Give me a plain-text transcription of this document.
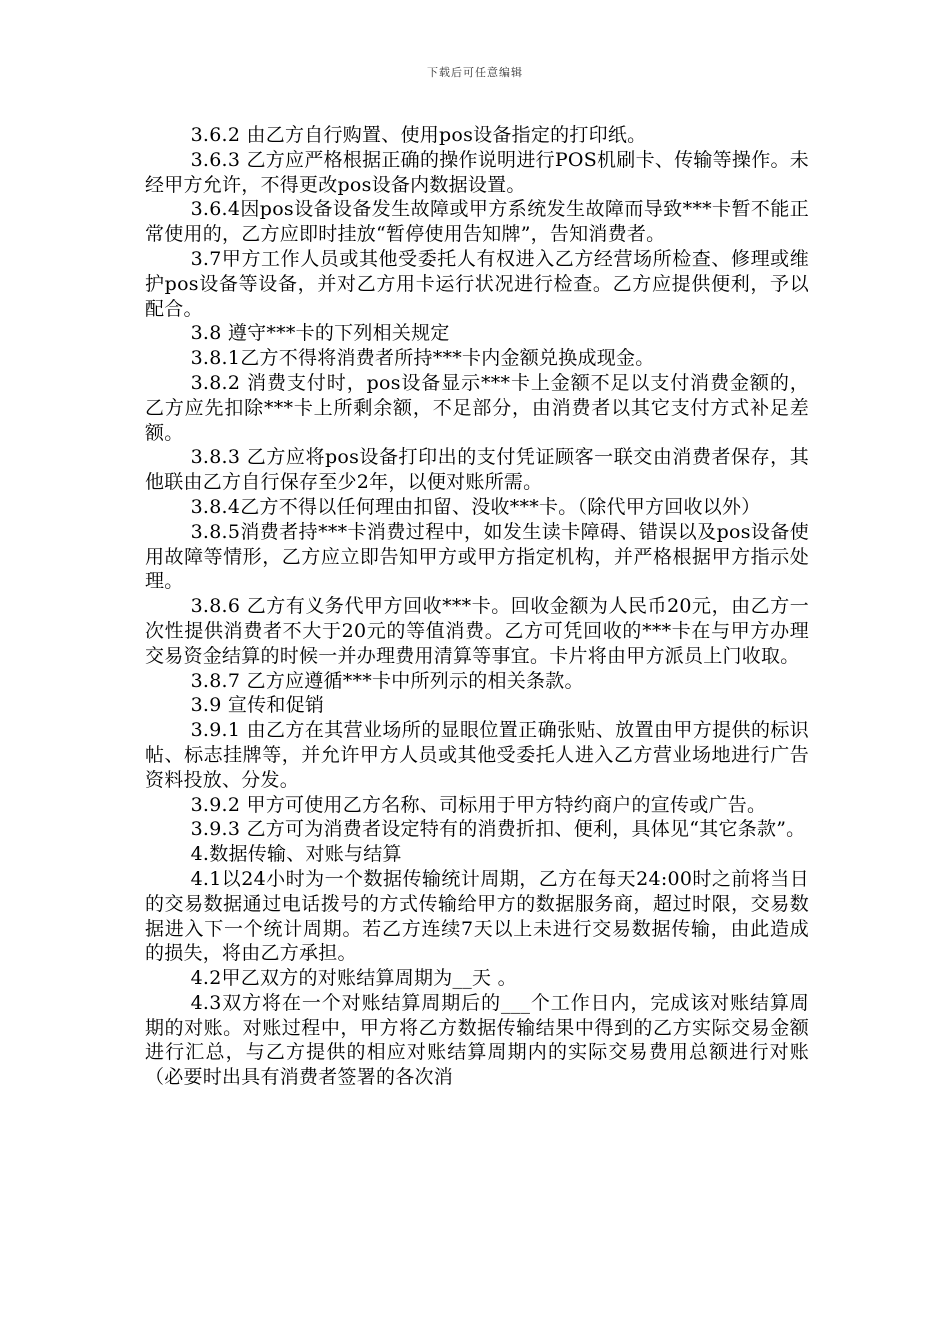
下载后可任意编辑

3.6.2 由乙方自行购置、使用pos设备指定的打印纸。

3.6.3 乙方应严格根据正确的操作说明进行POS机刷卡、传输等操作。未经甲方允许，不得更改pos设备内数据设置。

3.6.4因pos设备设备发生故障或甲方系统发生故障而导致***卡暂不能正常使用的，乙方应即时挂放“暂停使用告知牌”，告知消费者。

3.7甲方工作人员或其他受委托人有权进入乙方经营场所检查、修理或维护pos设备等设备，并对乙方用卡运行状况进行检查。乙方应提供便利，予以配合。

3.8 遵守***卡的下列相关规定

3.8.1乙方不得将消费者所持***卡内金额兑换成现金。

3.8.2 消费支付时，pos设备显示***卡上金额不足以支付消费金额的，乙方应先扣除***卡上所剩余额，不足部分，由消费者以其它支付方式补足差额。

3.8.3 乙方应将pos设备打印出的支付凭证顾客一联交由消费者保存，其他联由乙方自行保存至少2年，以便对账所需。

3.8.4乙方不得以任何理由扣留、没收***卡。（除代甲方回收以外）

3.8.5消费者持***卡消费过程中，如发生读卡障碍、错误以及pos设备使用故障等情形，乙方应立即告知甲方或甲方指定机构，并严格根据甲方指示处理。

3.8.6 乙方有义务代甲方回收***卡。回收金额为人民币20元，由乙方一次性提供消费者不大于20元的等值消费。乙方可凭回收的***卡在与甲方办理交易资金结算的时候一并办理费用清算等事宜。卡片将由甲方派员上门收取。

3.8.7 乙方应遵循***卡中所列示的相关条款。

3.9 宣传和促销

3.9.1 由乙方在其营业场所的显眼位置正确张贴、放置由甲方提供的标识帖、标志挂牌等，并允许甲方人员或其他受委托人进入乙方营业场地进行广告资料投放、分发。

3.9.2 甲方可使用乙方名称、司标用于甲方特约商户的宣传或广告。

3.9.3 乙方可为消费者设定特有的消费折扣、便利，具体见“其它条款”。

4.数据传输、对账与结算

4.1以24小时为一个数据传输统计周期，乙方在每天24:00时之前将当日的交易数据通过电话拨号的方式传输给甲方的数据服务商，超过时限，交易数据进入下一个统计周期。若乙方连续7天以上未进行交易数据传输，由此造成的损失，将由乙方承担。

4.2甲乙双方的对账结算周期为__天 。

4.3双方将在一个对账结算周期后的___个工作日内，完成该对账结算周期的对账。对账过程中，甲方将乙方数据传输结果中得到的乙方实际交易金额进行汇总，与乙方提供的相应对账结算周期内的实际交易费用总额进行对账（必要时出具有消费者签署的各次消
